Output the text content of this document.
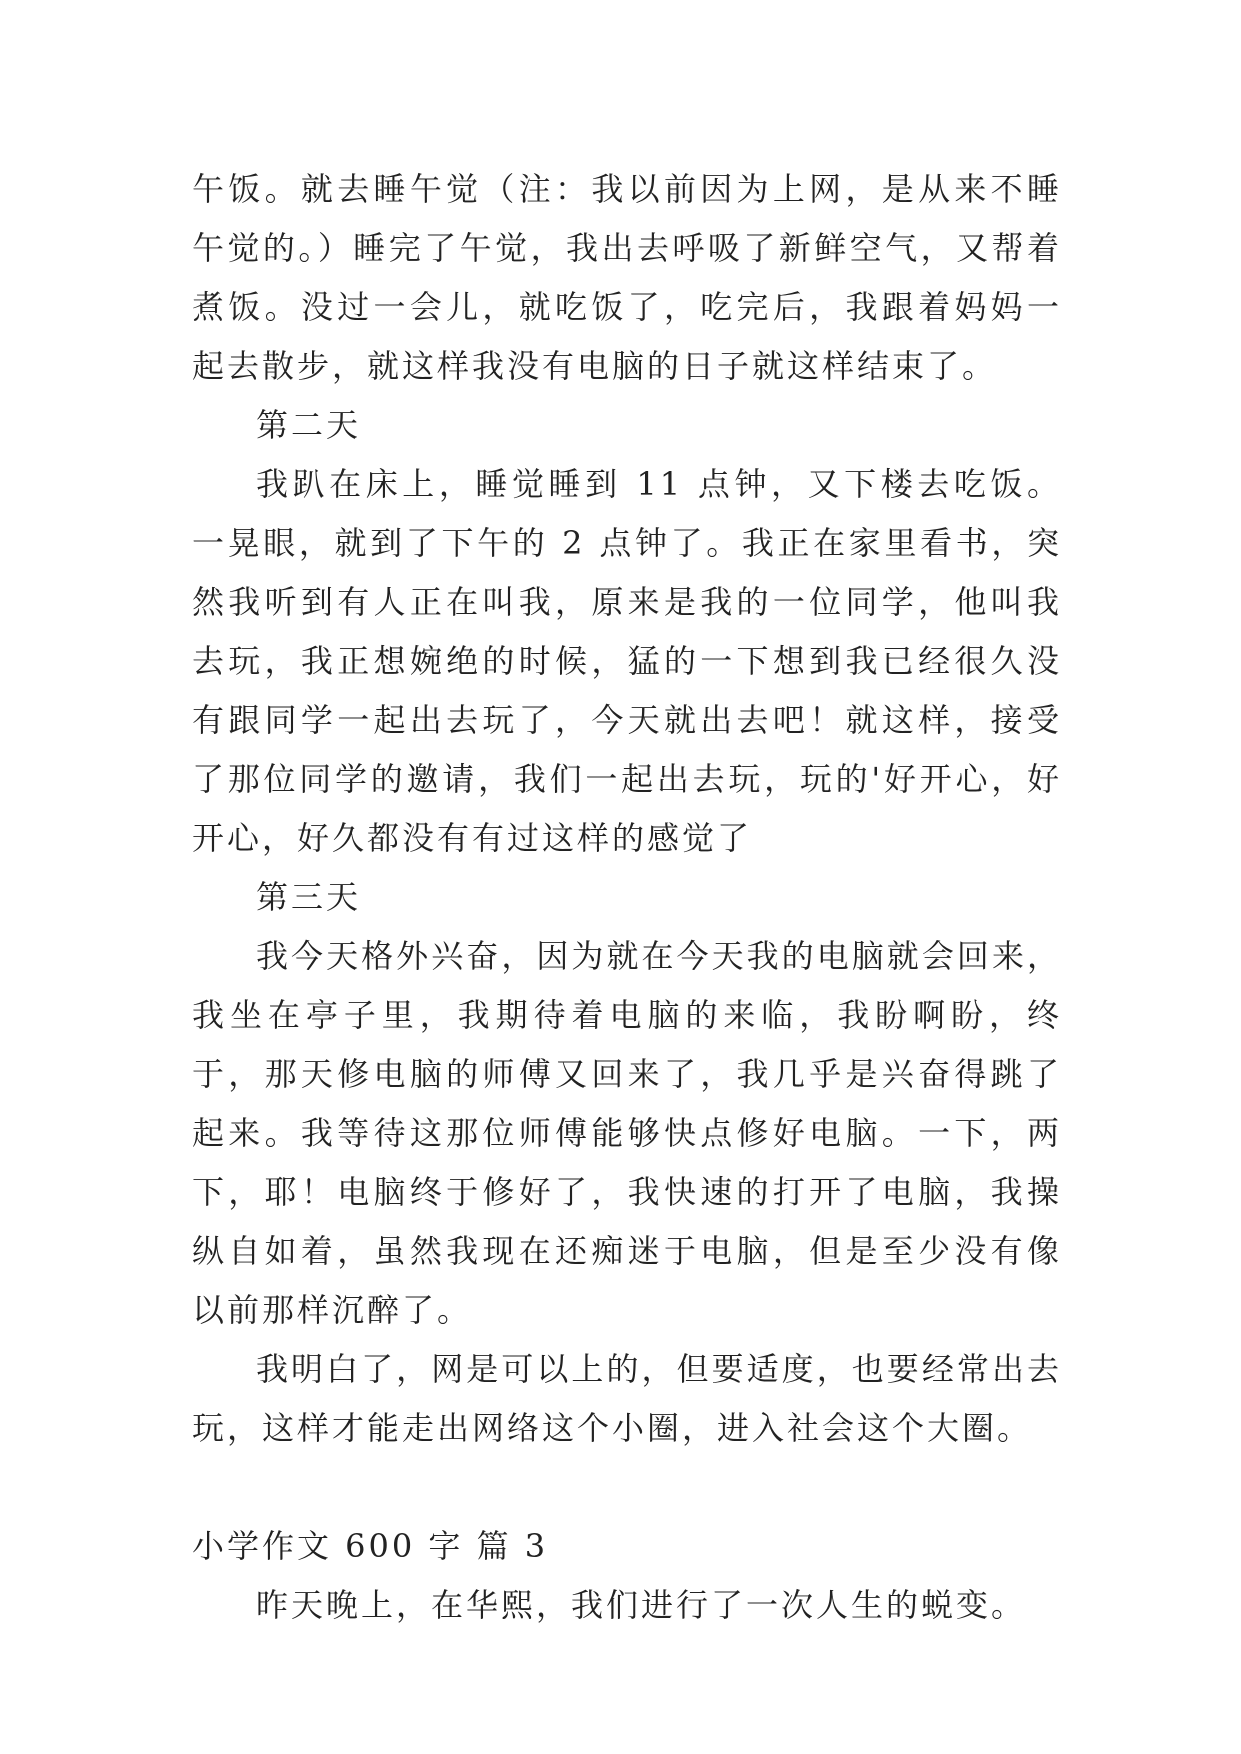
午饭。就去睡午觉（注：我以前因为上网，是从来不睡午觉的。）睡完了午觉，我出去呼吸了新鲜空气，又帮着煮饭。没过一会儿，就吃饭了，吃完后，我跟着妈妈一起去散步，就这样我没有电脑的日子就这样结束了。

第二天

我趴在床上，睡觉睡到 11 点钟，又下楼去吃饭。一晃眼，就到了下午的 2 点钟了。我正在家里看书，突然我听到有人正在叫我，原来是我的一位同学，他叫我去玩，我正想婉绝的时候，猛的一下想到我已经很久没有跟同学一起出去玩了，今天就出去吧！就这样，接受了那位同学的邀请，我们一起出去玩，玩的'好开心，好开心，好久都没有有过这样的感觉了

第三天

我今天格外兴奋，因为就在今天我的电脑就会回来，我坐在亭子里，我期待着电脑的来临，我盼啊盼，终于，那天修电脑的师傅又回来了，我几乎是兴奋得跳了起来。我等待这那位师傅能够快点修好电脑。一下，两下，耶！电脑终于修好了，我快速的打开了电脑，我操纵自如着，虽然我现在还痴迷于电脑，但是至少没有像以前那样沉醉了。

我明白了，网是可以上的，但要适度，也要经常出去玩，这样才能走出网络这个小圈，进入社会这个大圈。

小学作文 600 字 篇 3

昨天晚上，在华熙，我们进行了一次人生的蜕变。
